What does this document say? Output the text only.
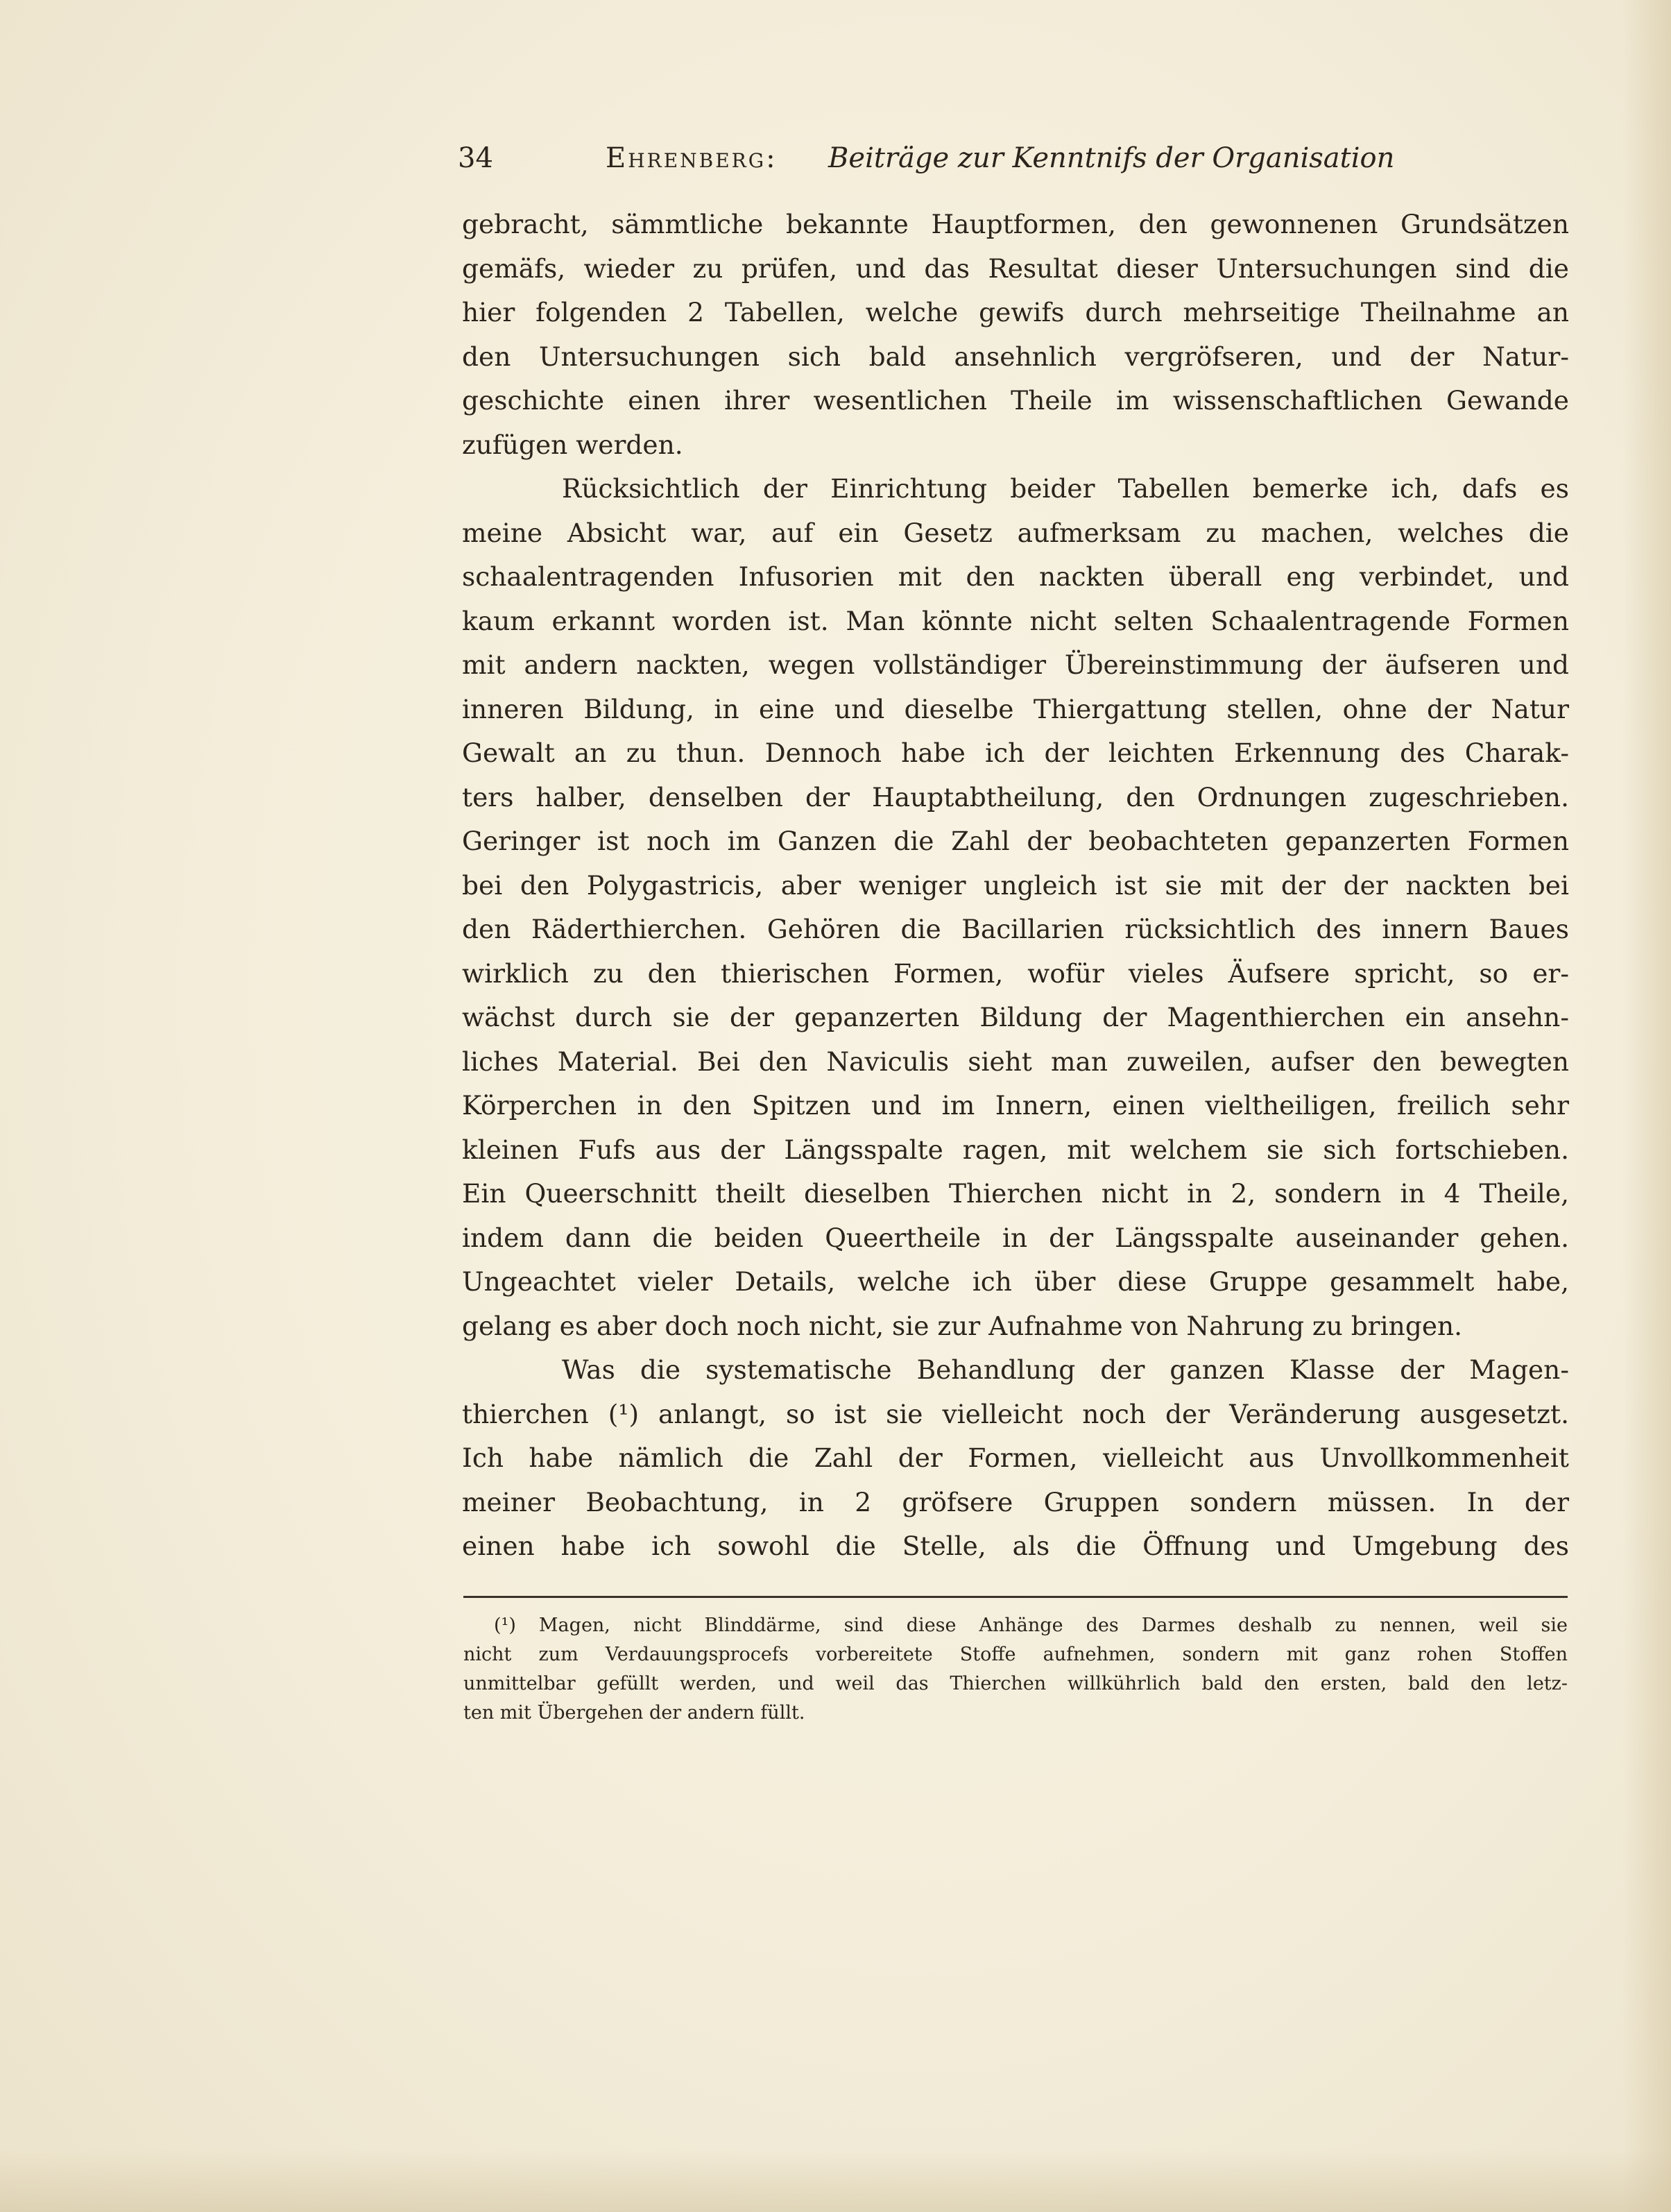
34	Ehrenberg: Beiträge zur Kenntnifs der Organisation
gebracht, sämmtliche bekannte Hauptformen, den gewonnenen Grundsätzen
gemäfs, wieder zu prüfen, und das Resultat dieser Untersuchungen sind die
hier folgenden 2 Tabellen, welche gewifs durch mehrseitige Theilnahme an
den Untersuchungen sich bald ansehnlich vergröfseren, und der Natur-
geschichte einen ihrer wesentlichen Theile im wissenschaftlichen Gewande
zufügen werden.
Rücksichtlich der Einrichtung beider Tabellen bemerke ich, dafs es
meine Absicht war, auf ein Gesetz aufmerksam zu machen, welches die
schaalentragenden Infusorien mit den nackten überall eng verbindet, und
kaum erkannt worden ist. Man könnte nicht selten Schaalentragende Formen
mit andern nackten, wegen vollständiger Übereinstimmung der äufseren und
inneren Bildung, in eine und dieselbe Thiergattung stellen, ohne der Natur
Gewalt an zu thun. Dennoch habe ich der leichten Erkennung des Charak-
ters halber, denselben der Hauptabtheilung, den Ordnungen zugeschrieben.
Geringer ist noch im Ganzen die Zahl der beobachteten gepanzerten Formen
bei den Polygastricis, aber weniger ungleich ist sie mit der der nackten bei
den Räderthierchen. Gehören die Bacillarien rücksichtlich des innern Baues
wirklich zu den thierischen Formen, wofür vieles Äufsere spricht, so er-
wächst durch sie der gepanzerten Bildung der Magenthierchen ein ansehn-
liches Material. Bei den Naviculis sieht man zuweilen, aufser den bewegten
Körperchen in den Spitzen und im Innern, einen vieltheiligen, freilich sehr
kleinen Fufs aus der Längsspalte ragen, mit welchem sie sich fortschieben.
Ein Queerschnitt theilt dieselben Thierchen nicht in 2, sondern in 4 Theile,
indem dann die beiden Queertheile in der Längsspalte auseinander gehen.
Ungeachtet vieler Details, welche ich über diese Gruppe gesammelt habe,
gelang es aber doch noch nicht, sie zur Aufnahme von Nahrung zu bringen.
Was die systematische Behandlung der ganzen Klasse der Magen-
thierchen (¹) anlangt, so ist sie vielleicht noch der Veränderung ausgesetzt.
Ich habe nämlich die Zahl der Formen, vielleicht aus Unvollkommenheit
meiner Beobachtung, in 2 gröfsere Gruppen sondern müssen. In der
einen habe ich sowohl die Stelle, als die Öffnung und Umgebung des
(¹) Magen, nicht Blinddärme, sind diese Anhänge des Darmes deshalb zu nennen, weil sie
nicht zum Verdauungsprocefs vorbereitete Stoffe aufnehmen, sondern mit ganz rohen Stoffen
unmittelbar gefüllt werden, und weil das Thierchen willkührlich bald den ersten, bald den letz-
ten mit Übergehen der andern füllt.
